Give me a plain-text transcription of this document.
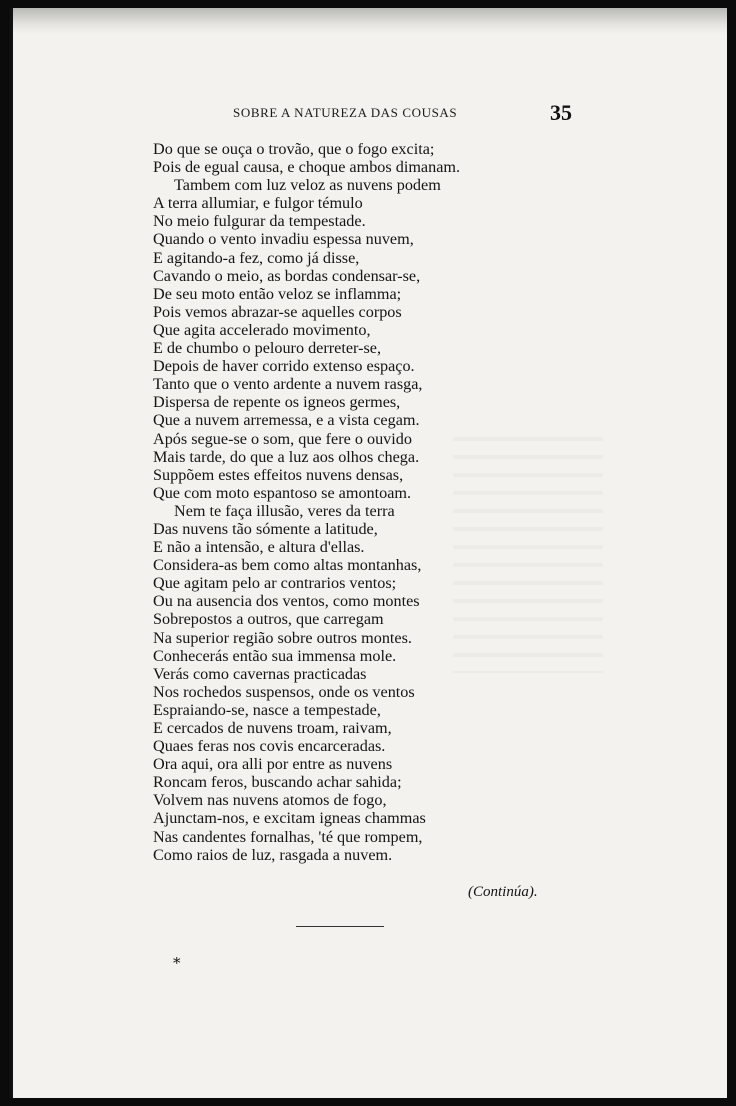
SOBRE A NATUREZA DAS COUSAS	35
Do que se ouça o trovão, que o fogo excita;
Pois de egual causa, e choque ambos dimanam.
Tambem com luz veloz as nuvens podem
A terra allumiar, e fulgor témulo
No meio fulgurar da tempestade.
Quando o vento invadiu espessa nuvem,
E agitando-a fez, como já disse,
Cavando o meio, as bordas condensar-se,
De seu moto então veloz se inflamma;
Pois vemos abrazar-se aquelles corpos
Que agita accelerado movimento,
E de chumbo o pelouro derreter-se,
Depois de haver corrido extenso espaço.
Tanto que o vento ardente a nuvem rasga,
Dispersa de repente os igneos germes,
Que a nuvem arremessa, e a vista cegam.
Após segue-se o som, que fere o ouvido
Mais tarde, do que a luz aos olhos chega.
Suppõem estes effeitos nuvens densas,
Que com moto espantoso se amontoam.
Nem te faça illusão, veres da terra
Das nuvens tão sómente a latitude,
E não a intensão, e altura d'ellas.
Considera-as bem como altas montanhas,
Que agitam pelo ar contrarios ventos;
Ou na ausencia dos ventos, como montes
Sobrepostos a outros, que carregam
Na superior região sobre outros montes.
Conhecerás então sua immensa mole.
Verás como cavernas practicadas
Nos rochedos suspensos, onde os ventos
Espraiando-se, nasce a tempestade,
E cercados de nuvens troam, raivam,
Quaes feras nos covis encarceradas.
Ora aqui, ora alli por entre as nuvens
Roncam feros, buscando achar sahida;
Volvem nas nuvens atomos de fogo,
Ajunctam-nos, e excitam igneas chammas
Nas candentes fornalhas, 'té que rompem,
Como raios de luz, rasgada a nuvem.
(Continúa).
*
